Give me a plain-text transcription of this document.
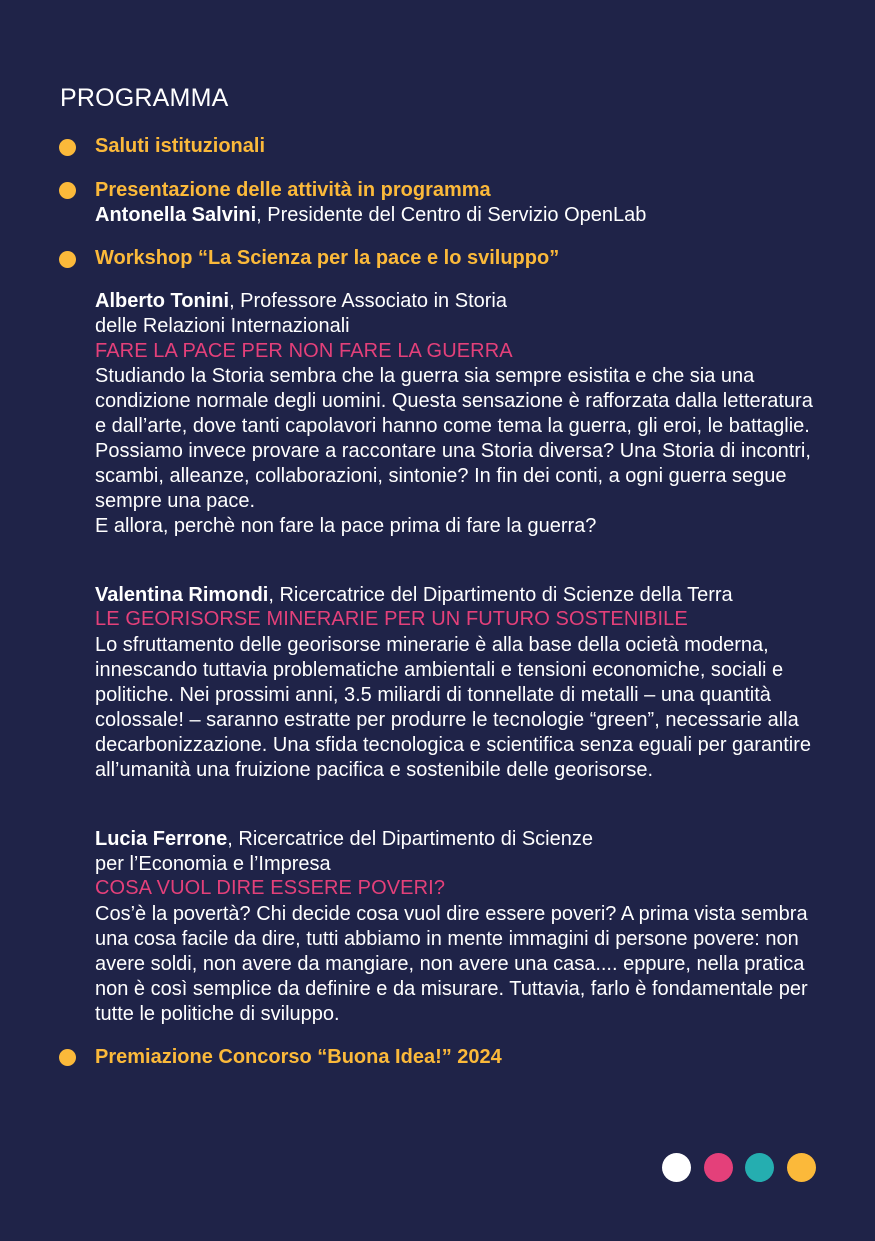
PROGRAMMA
Saluti istituzionali
Presentazione delle attività in programma
Antonella Salvini, Presidente del Centro di Servizio OpenLab
Workshop “La Scienza per la pace e lo sviluppo”
Alberto Tonini, Professore Associato in Storia
delle Relazioni Internazionali
FARE LA PACE PER NON FARE LA GUERRA

Studiando la Storia sembra che la guerra sia sempre esistita e che sia una condizione normale degli uomini. Questa sensazione è rafforzata dalla letteratura e dall’arte, dove tanti capolavori hanno come tema la guerra, gli eroi, le battaglie.

Possiamo invece provare a raccontare una Storia diversa? Una Storia di incontri, scambi, alleanze, collaborazioni, sintonie? In fin dei conti, a ogni guerra segue sempre una pace.

E allora, perchè non fare la pace prima di fare la guerra?

Valentina Rimondi, Ricercatrice del Dipartimento di Scienze della Terra
LE GEORISORSE MINERARIE PER UN FUTURO SOSTENIBILE

Lo sfruttamento delle georisorse minerarie è alla base della ocietà moderna, innescando tuttavia problematiche ambientali e tensioni economiche, sociali e politiche. Nei prossimi anni, 3.5 miliardi di tonnellate di metalli – una quantità colossale! – saranno estratte per produrre le tecnologie “green”, necessarie alla decarbonizzazione. Una sfida tecnologica e scientifica senza eguali per garantire all’umanità una fruizione pacifica e sostenibile delle georisorse.

Lucia Ferrone, Ricercatrice del Dipartimento di Scienze
per l’Economia e l’Impresa
COSA VUOL DIRE ESSERE POVERI?

Cos’è la povertà? Chi decide cosa vuol dire essere poveri? A prima vista sembra una cosa facile da dire, tutti abbiamo in mente immagini di persone povere: non avere soldi, non avere da mangiare, non avere una casa.... eppure, nella pratica non è così semplice da definire e da misurare. Tuttavia, farlo è fondamentale per tutte le politiche di sviluppo.

Premiazione Concorso “Buona Idea!” 2024
